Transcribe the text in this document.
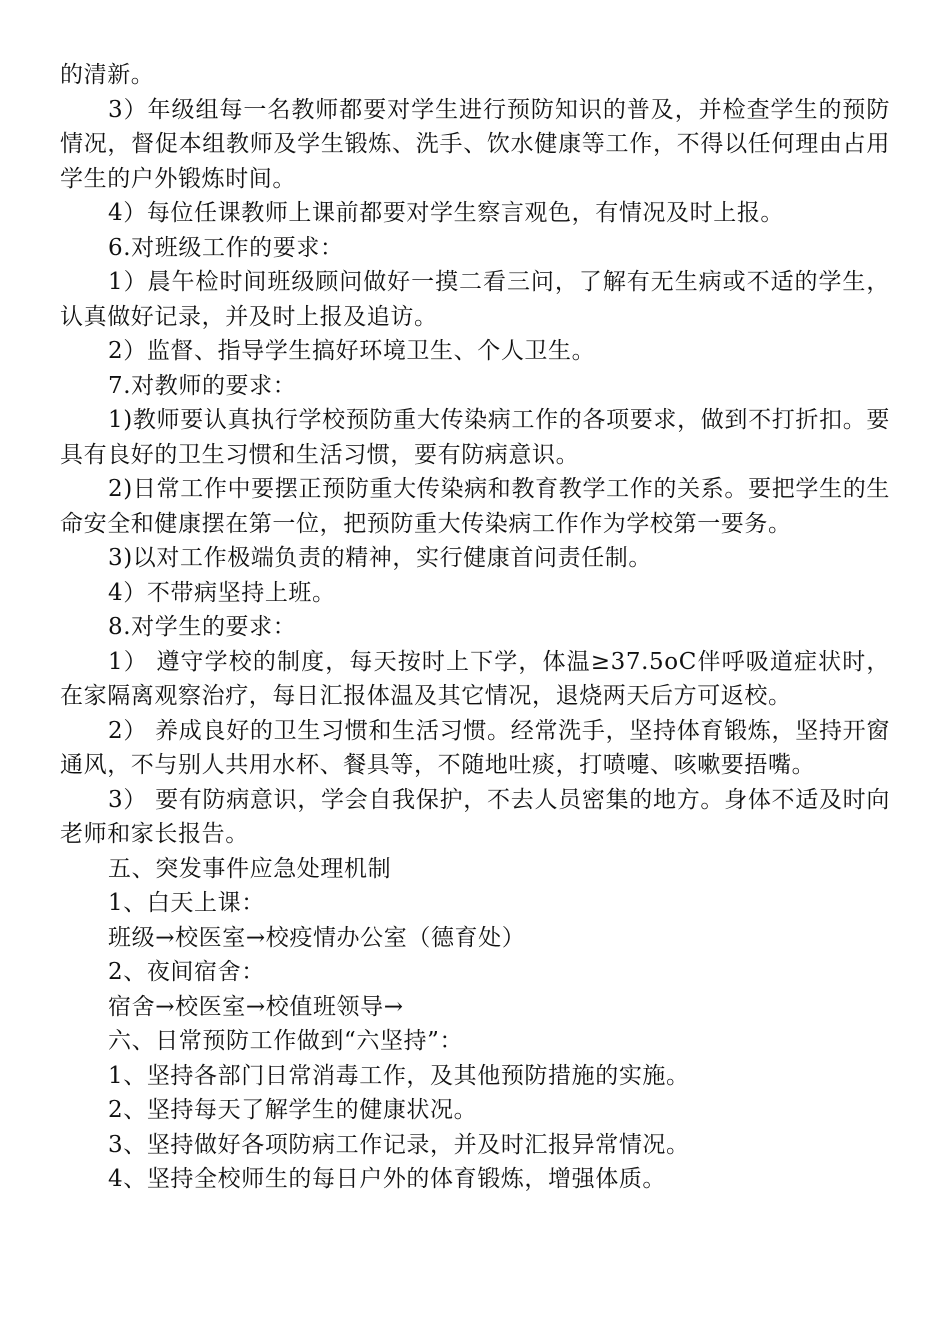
的清新。

3）年级组每一名教师都要对学生进行预防知识的普及，并检查学生的预防情况，督促本组教师及学生锻炼、洗手、饮水健康等工作，不得以任何理由占用学生的户外锻炼时间。

4）每位任课教师上课前都要对学生察言观色，有情况及时上报。

6.对班级工作的要求：

1）晨午检时间班级顾问做好一摸二看三问，了解有无生病或不适的学生，认真做好记录，并及时上报及追访。

2）监督、指导学生搞好环境卫生、个人卫生。

7.对教师的要求：

1)教师要认真执行学校预防重大传染病工作的各项要求，做到不打折扣。要具有良好的卫生习惯和生活习惯，要有防病意识。

2)日常工作中要摆正预防重大传染病和教育教学工作的关系。要把学生的生命安全和健康摆在第一位，把预防重大传染病工作作为学校第一要务。

3)以对工作极端负责的精神，实行健康首问责任制。

4）不带病坚持上班。

8.对学生的要求：

1） 遵守学校的制度，每天按时上下学，体温≥37.5oC伴呼吸道症状时，在家隔离观察治疗，每日汇报体温及其它情况，退烧两天后方可返校。

2） 养成良好的卫生习惯和生活习惯。经常洗手，坚持体育锻炼，坚持开窗通风，不与别人共用水杯、餐具等，不随地吐痰，打喷嚏、咳嗽要捂嘴。

3） 要有防病意识，学会自我保护，不去人员密集的地方。身体不适及时向老师和家长报告。

五、突发事件应急处理机制

1、白天上课：

班级→校医室→校疫情办公室（德育处）

2、夜间宿舍：

宿舍→校医室→校值班领导→

六、日常预防工作做到“六坚持”：

1、坚持各部门日常消毒工作，及其他预防措施的实施。

2、坚持每天了解学生的健康状况。

3、坚持做好各项防病工作记录，并及时汇报异常情况。

4、坚持全校师生的每日户外的体育锻炼，增强体质。
